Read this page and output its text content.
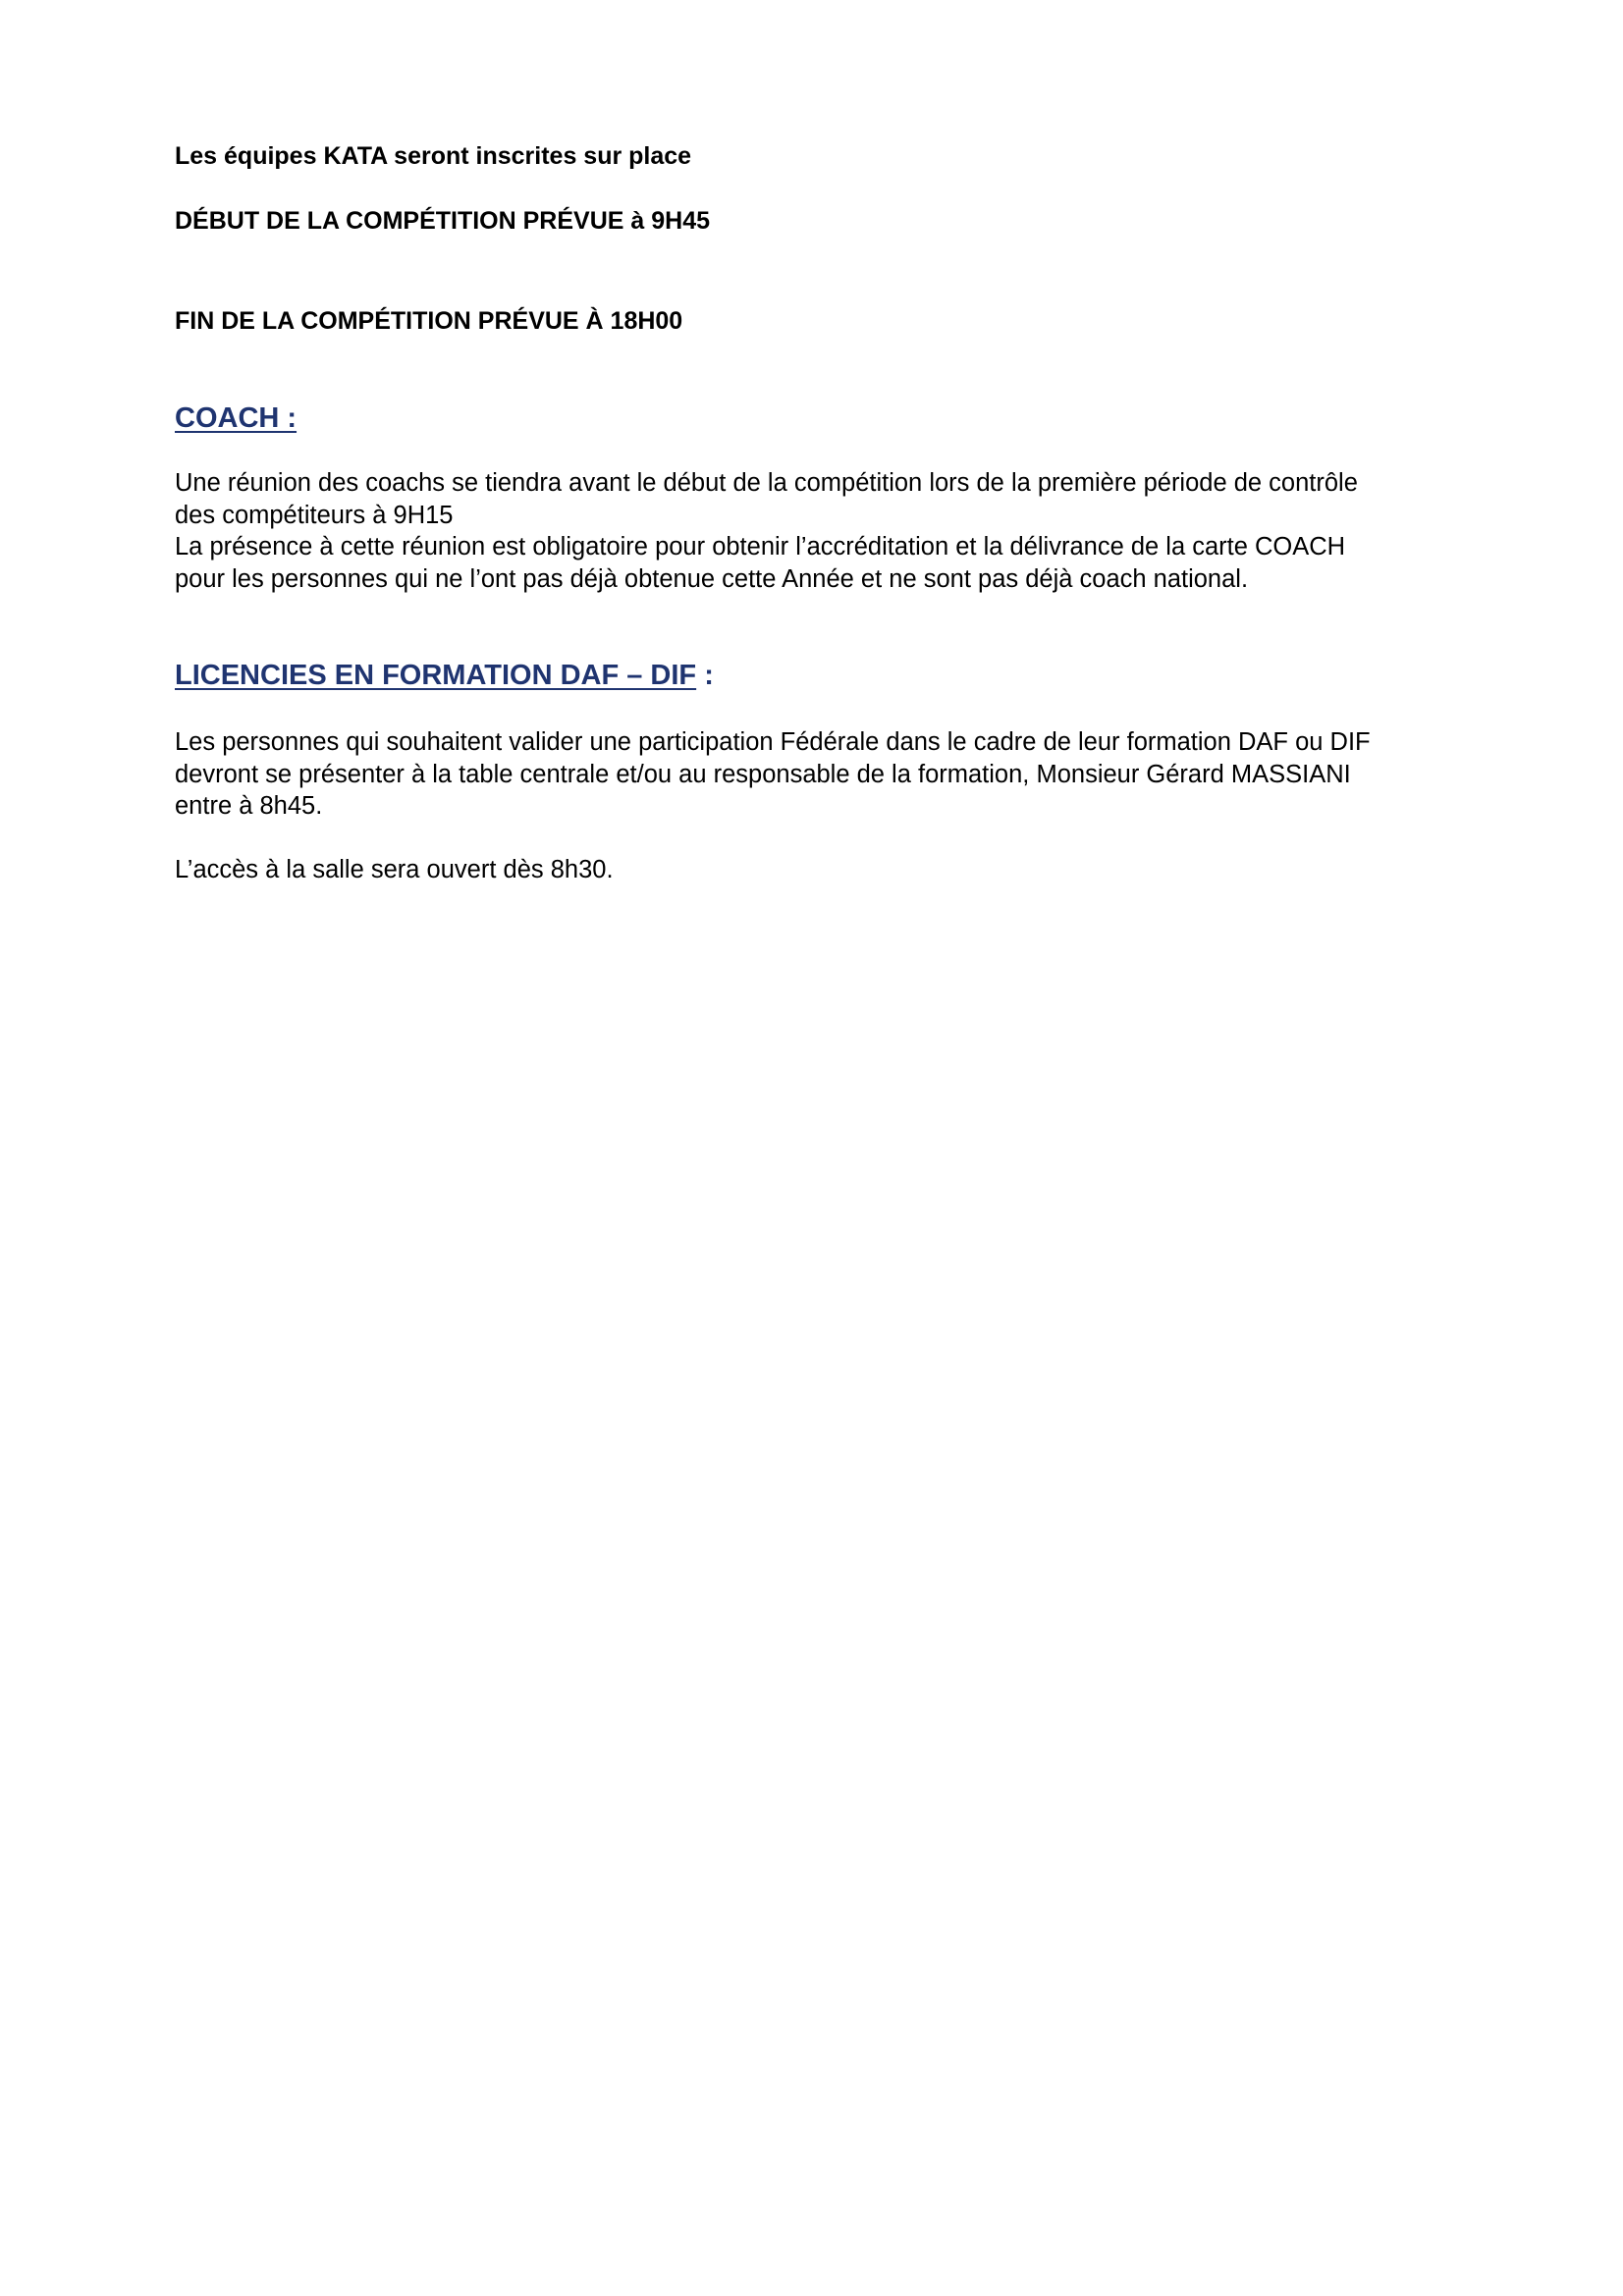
Les équipes KATA seront inscrites sur place
DÉBUT DE LA COMPÉTITION PRÉVUE à 9H45
FIN DE LA COMPÉTITION PRÉVUE À 18H00
COACH :
Une réunion des coachs se tiendra avant le début de la compétition lors de la première période de contrôle
des compétiteurs à 9H15
La présence à cette réunion est obligatoire pour obtenir l’accréditation et la délivrance de la carte COACH
pour les personnes qui ne l’ont pas déjà obtenue cette Année et ne sont pas déjà coach national.
LICENCIES EN FORMATION DAF – DIF :
Les personnes qui souhaitent valider une participation Fédérale dans le cadre de leur formation DAF ou DIF
devront se présenter à la table centrale et/ou au responsable de la formation, Monsieur Gérard MASSIANI
entre à 8h45.
L’accès à la salle sera ouvert dès 8h30.
